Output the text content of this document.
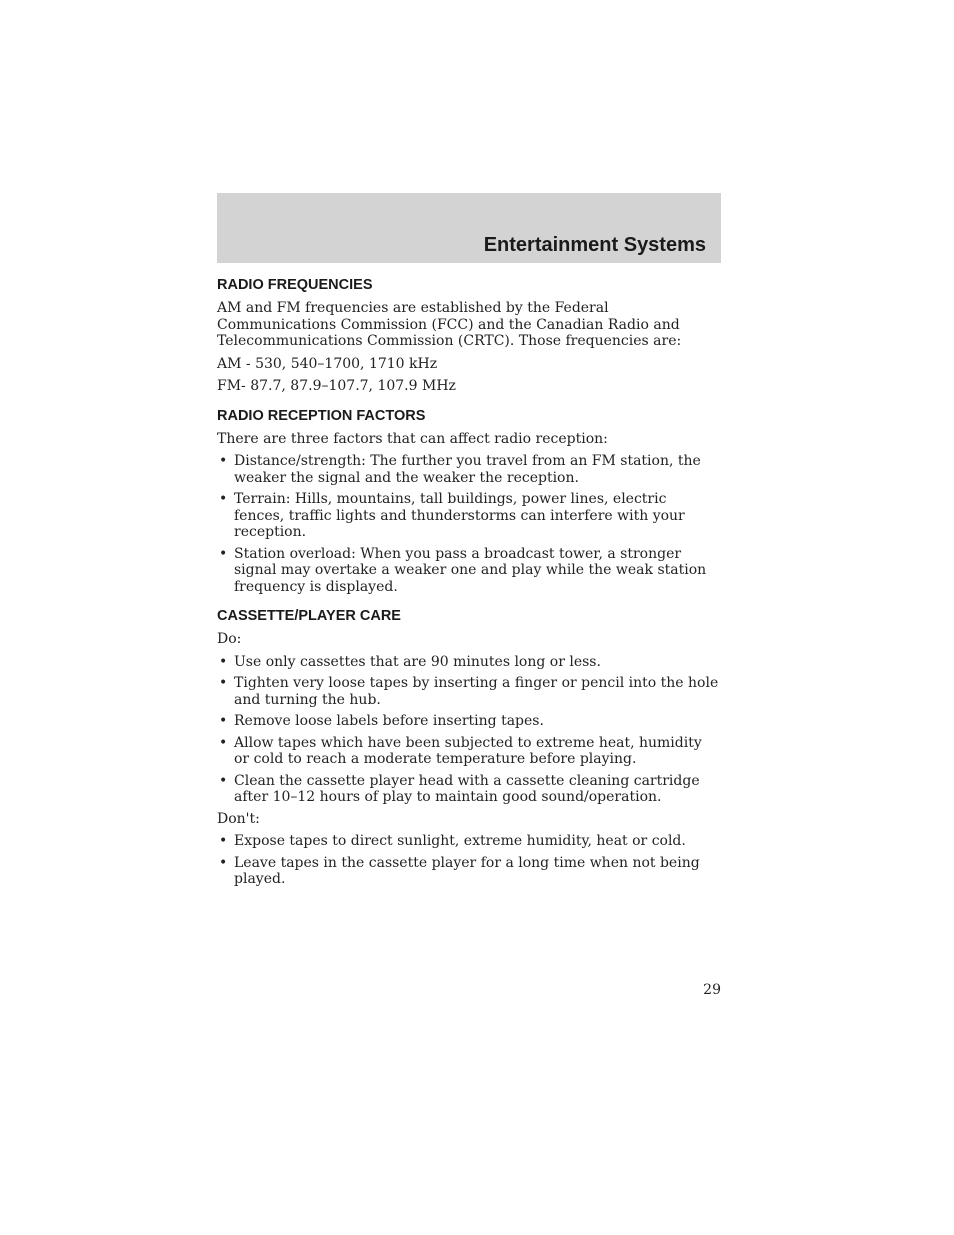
Entertainment Systems
RADIO FREQUENCIES

AM and FM frequencies are established by the Federal Communications Commission (FCC) and the Canadian Radio and Telecommunications Commission (CRTC). Those frequencies are:

AM - 530, 540–1700, 1710 kHz

FM- 87.7, 87.9–107.7, 107.9 MHz

RADIO RECEPTION FACTORS

There are three factors that can affect radio reception:

• Distance/strength: The further you travel from an FM station, the weaker the signal and the weaker the reception.
• Terrain: Hills, mountains, tall buildings, power lines, electric fences, traffic lights and thunderstorms can interfere with your reception.
• Station overload: When you pass a broadcast tower, a stronger signal may overtake a weaker one and play while the weak station frequency is displayed.
CASSETTE/PLAYER CARE

Do:

• Use only cassettes that are 90 minutes long or less.
• Tighten very loose tapes by inserting a finger or pencil into the hole and turning the hub.
• Remove loose labels before inserting tapes.
• Allow tapes which have been subjected to extreme heat, humidity or cold to reach a moderate temperature before playing.
• Clean the cassette player head with a cassette cleaning cartridge after 10–12 hours of play to maintain good sound/operation.

Don't:

• Expose tapes to direct sunlight, extreme humidity, heat or cold.
• Leave tapes in the cassette player for a long time when not being played.
29
